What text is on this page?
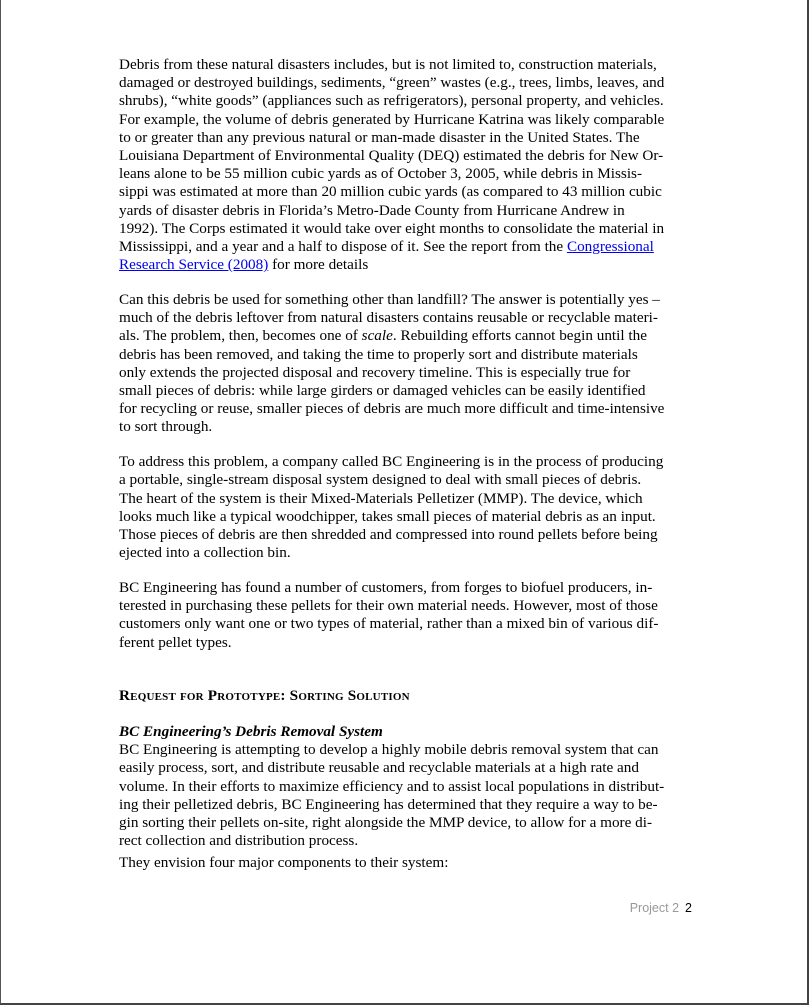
Debris from these natural disasters includes, but is not limited to, construction materials,
damaged or destroyed buildings, sediments, “green” wastes (e.g., trees, limbs, leaves, and
shrubs), “white goods” (appliances such as refrigerators), personal property, and vehicles.
For example, the volume of debris generated by Hurricane Katrina was likely comparable
to or greater than any previous natural or man-made disaster in the United States. The
Louisiana Department of Environmental Quality (DEQ) estimated the debris for New Or-
leans alone to be 55 million cubic yards as of October 3, 2005, while debris in Missis-
sippi was estimated at more than 20 million cubic yards (as compared to 43 million cubic
yards of disaster debris in Florida’s Metro-Dade County from Hurricane Andrew in
1992). The Corps estimated it would take over eight months to consolidate the material in
Mississippi, and a year and a half to dispose of it. See the report from the Congressional
Research Service (2008) for more details

Can this debris be used for something other than landfill? The answer is potentially yes –
much of the debris leftover from natural disasters contains reusable or recyclable materi-
als. The problem, then, becomes one of scale. Rebuilding efforts cannot begin until the
debris has been removed, and taking the time to properly sort and distribute materials
only extends the projected disposal and recovery timeline. This is especially true for
small pieces of debris: while large girders or damaged vehicles can be easily identified
for recycling or reuse, smaller pieces of debris are much more difficult and time-intensive
to sort through.

To address this problem, a company called BC Engineering is in the process of producing
a portable, single-stream disposal system designed to deal with small pieces of debris.
The heart of the system is their Mixed-Materials Pelletizer (MMP). The device, which
looks much like a typical woodchipper, takes small pieces of material debris as an input.
Those pieces of debris are then shredded and compressed into round pellets before being
ejected into a collection bin.

BC Engineering has found a number of customers, from forges to biofuel producers, in-
terested in purchasing these pellets for their own material needs. However, most of those
customers only want one or two types of material, rather than a mixed bin of various dif-
ferent pellet types.

Request for Prototype: Sorting Solution
BC Engineering’s Debris Removal System

BC Engineering is attempting to develop a highly mobile debris removal system that can
easily process, sort, and distribute reusable and recyclable materials at a high rate and
volume. In their efforts to maximize efficiency and to assist local populations in distribut-
ing their pelletized debris, BC Engineering has determined that they require a way to be-
gin sorting their pellets on-site, right alongside the MMP device, to allow for a more di-
rect collection and distribution process.

They envision four major components to their system:

Project 2 2
